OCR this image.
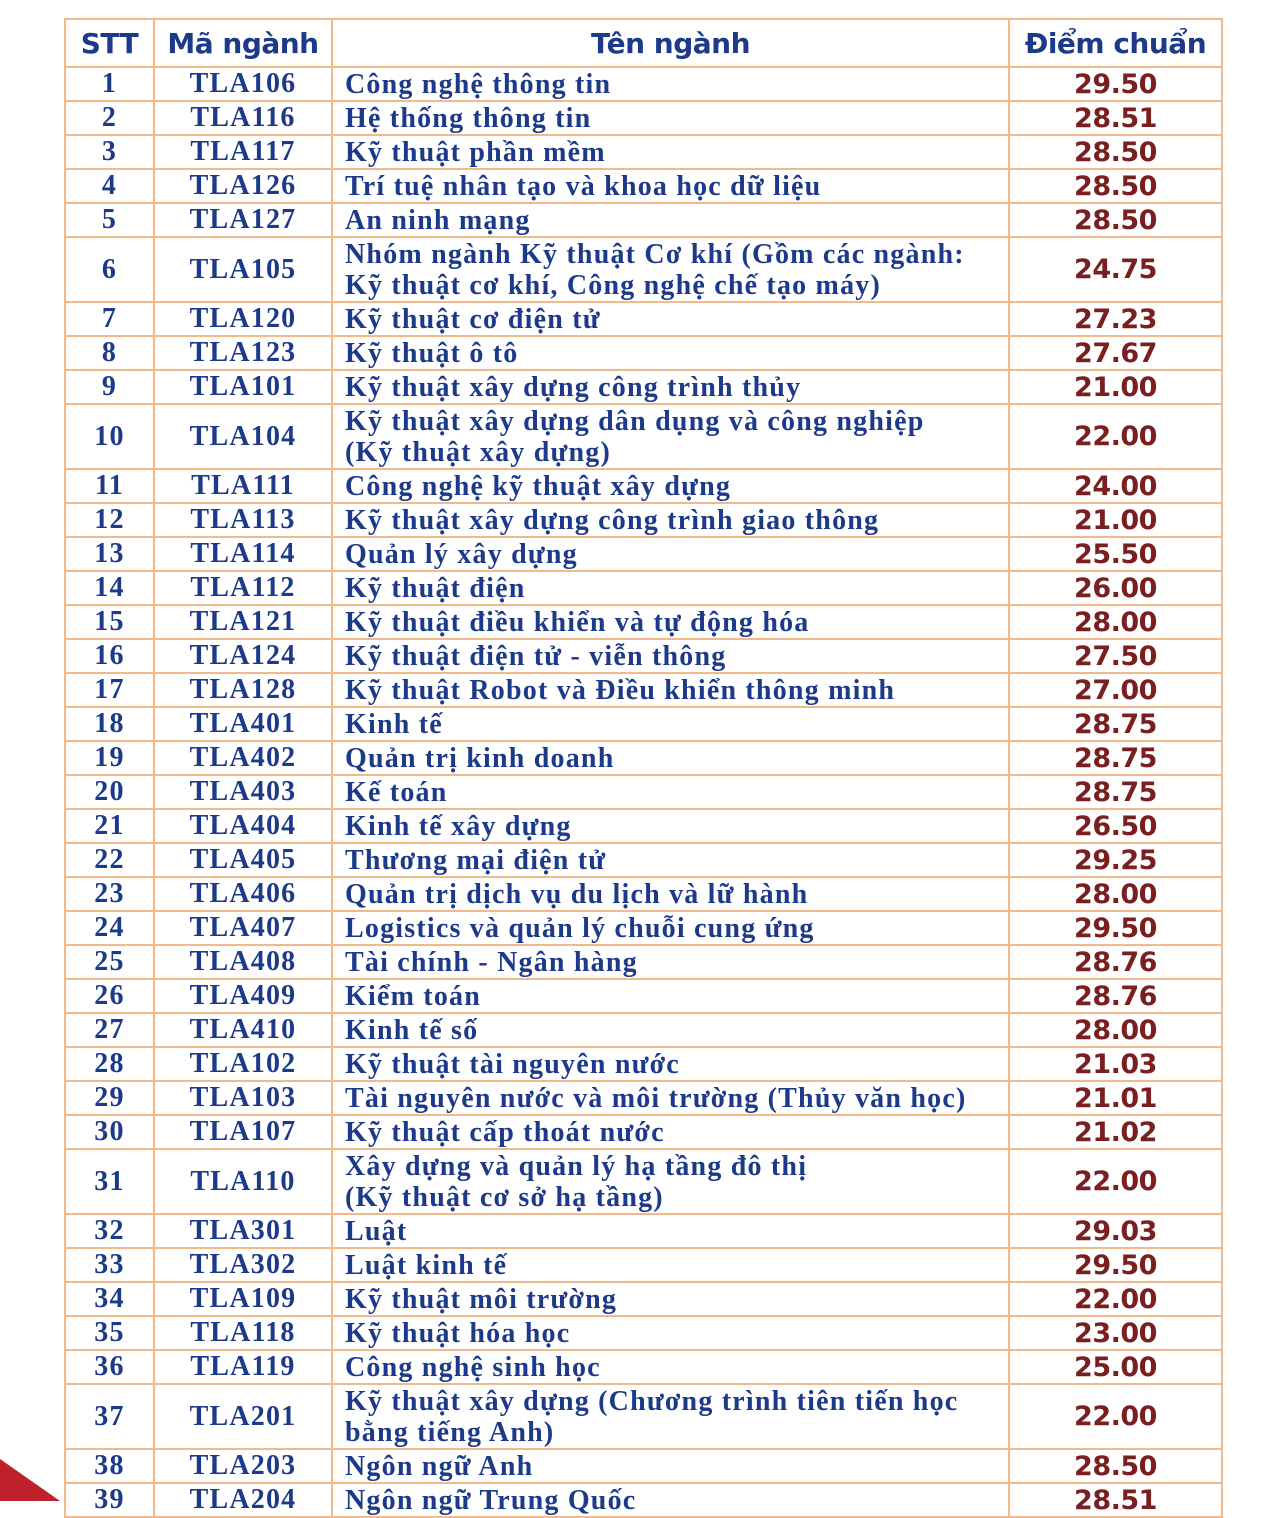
STT	Mã ngành	Tên ngành	Điểm chuẩn
1	TLA106	Công nghệ thông tin	29.50
2	TLA116	Hệ thống thông tin	28.51
3	TLA117	Kỹ thuật phần mềm	28.50
4	TLA126	Trí tuệ nhân tạo và khoa học dữ liệu	28.50
5	TLA127	An ninh mạng	28.50
6	TLA105	Nhóm ngành Kỹ thuật Cơ khí (Gồm các ngành:
Kỹ thuật cơ khí, Công nghệ chế tạo máy)	24.75
7	TLA120	Kỹ thuật cơ điện tử	27.23
8	TLA123	Kỹ thuật ô tô	27.67
9	TLA101	Kỹ thuật xây dựng công trình thủy	21.00
10	TLA104	Kỹ thuật xây dựng dân dụng và công nghiệp
(Kỹ thuật xây dựng)	22.00
11	TLA111	Công nghệ kỹ thuật xây dựng	24.00
12	TLA113	Kỹ thuật xây dựng công trình giao thông	21.00
13	TLA114	Quản lý xây dựng	25.50
14	TLA112	Kỹ thuật điện	26.00
15	TLA121	Kỹ thuật điều khiển và tự động hóa	28.00
16	TLA124	Kỹ thuật điện tử - viễn thông	27.50
17	TLA128	Kỹ thuật Robot và Điều khiển thông minh	27.00
18	TLA401	Kinh tế	28.75
19	TLA402	Quản trị kinh doanh	28.75
20	TLA403	Kế toán	28.75
21	TLA404	Kinh tế xây dựng	26.50
22	TLA405	Thương mại điện tử	29.25
23	TLA406	Quản trị dịch vụ du lịch và lữ hành	28.00
24	TLA407	Logistics và quản lý chuỗi cung ứng	29.50
25	TLA408	Tài chính - Ngân hàng	28.76
26	TLA409	Kiểm toán	28.76
27	TLA410	Kinh tế số	28.00
28	TLA102	Kỹ thuật tài nguyên nước	21.03
29	TLA103	Tài nguyên nước và môi trường (Thủy văn học)	21.01
30	TLA107	Kỹ thuật cấp thoát nước	21.02
31	TLA110	Xây dựng và quản lý hạ tầng đô thị
(Kỹ thuật cơ sở hạ tầng)	22.00
32	TLA301	Luật	29.03
33	TLA302	Luật kinh tế	29.50
34	TLA109	Kỹ thuật môi trường	22.00
35	TLA118	Kỹ thuật hóa học	23.00
36	TLA119	Công nghệ sinh học	25.00
37	TLA201	Kỹ thuật xây dựng (Chương trình tiên tiến học
bằng tiếng Anh)	22.00
38	TLA203	Ngôn ngữ Anh	28.50
39	TLA204	Ngôn ngữ Trung Quốc	28.51
